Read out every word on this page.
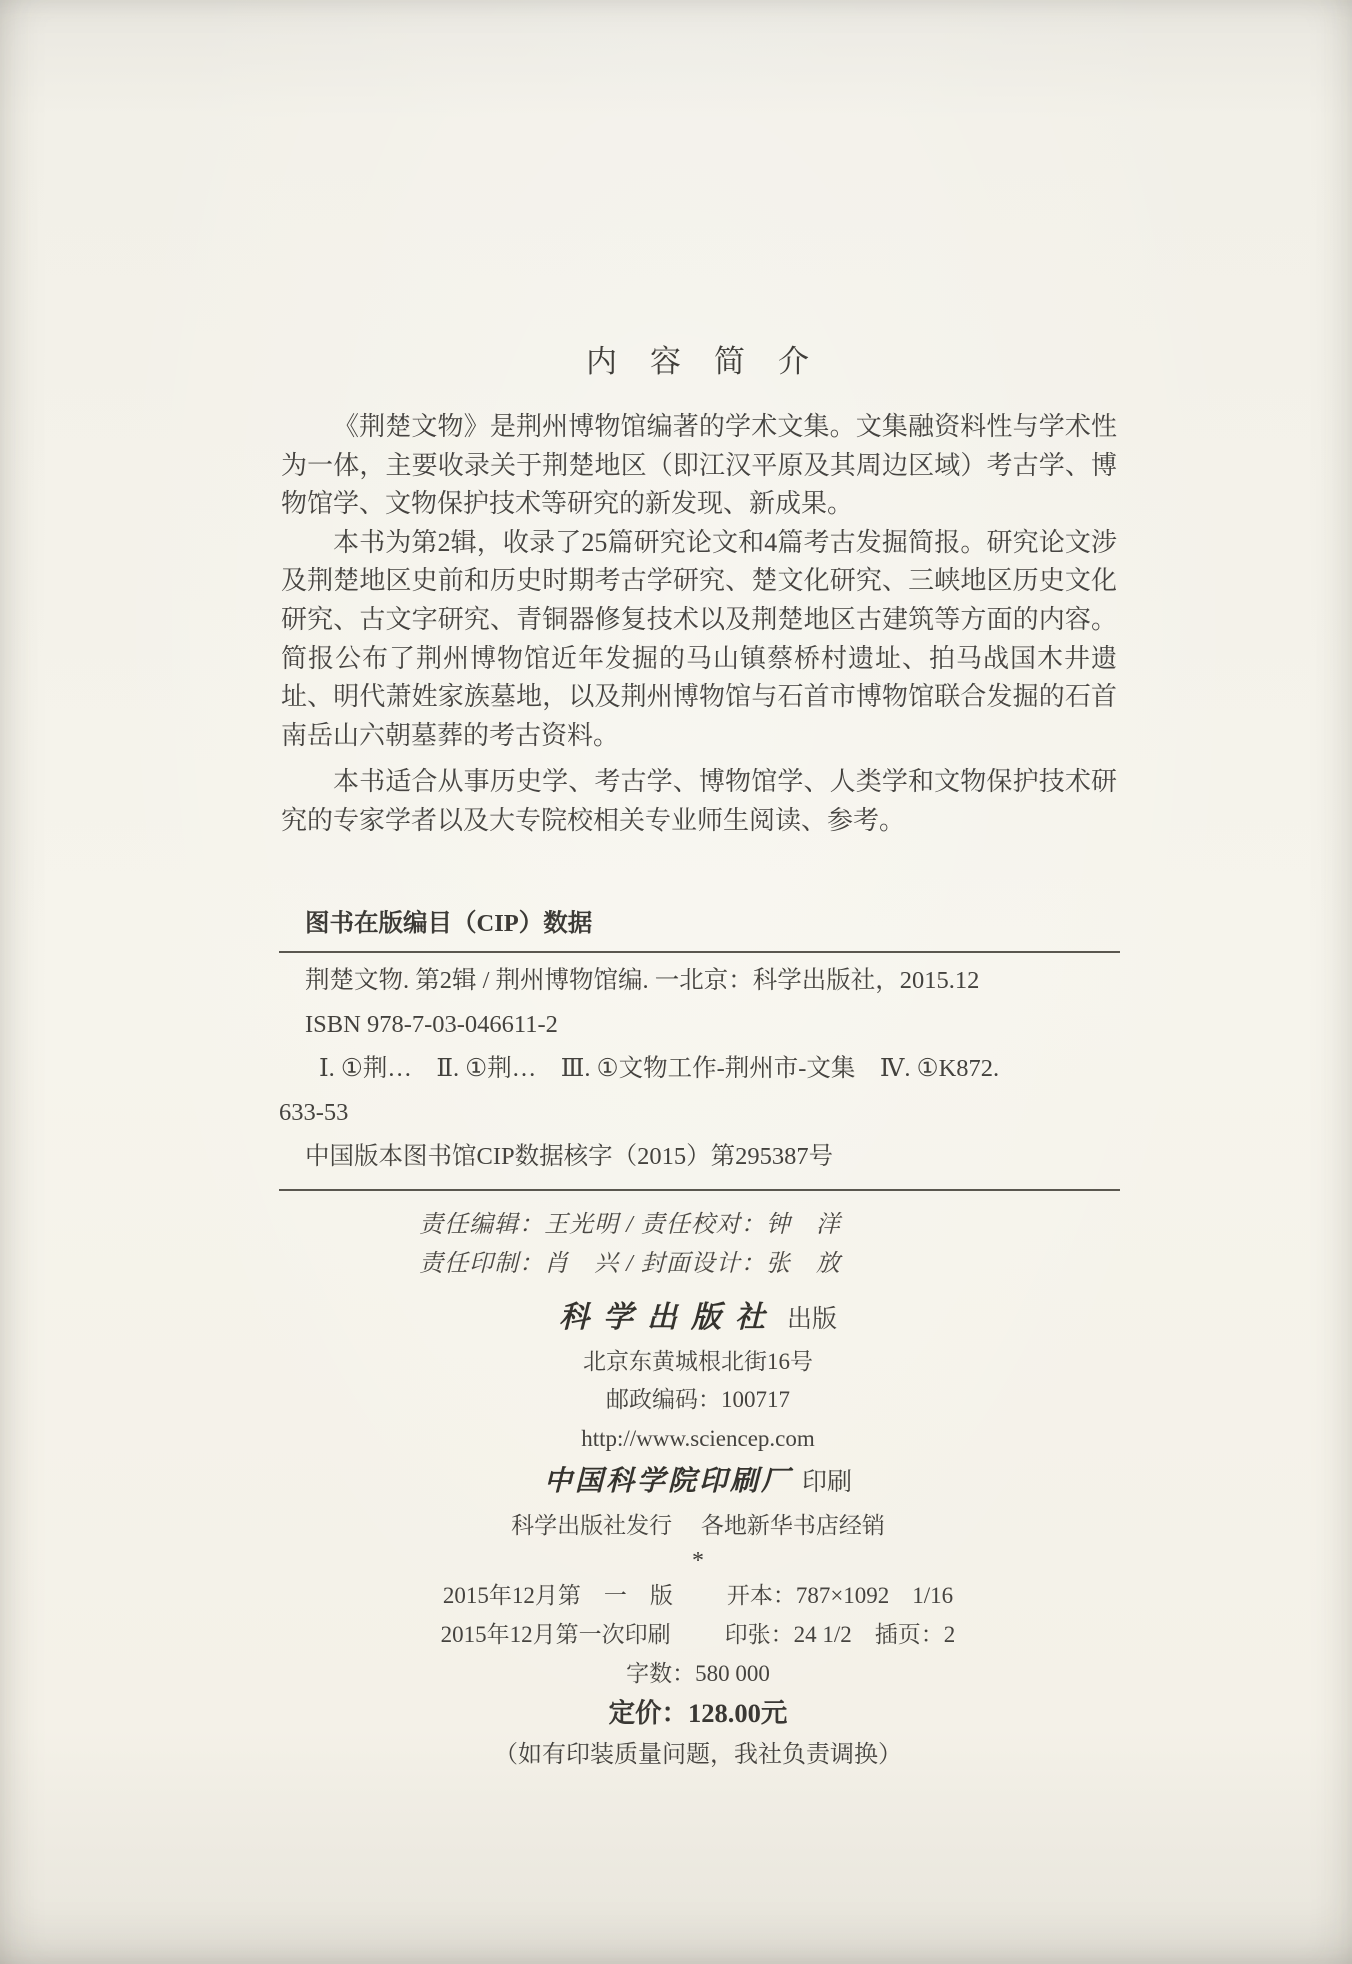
内　容　简　介

《荆楚文物》是荆州博物馆编著的学术文集。文集融资料性与学术性为一体，主要收录关于荆楚地区（即江汉平原及其周边区域）考古学、博物馆学、文物保护技术等研究的新发现、新成果。

本书为第2辑，收录了25篇研究论文和4篇考古发掘简报。研究论文涉及荆楚地区史前和历史时期考古学研究、楚文化研究、三峡地区历史文化研究、古文字研究、青铜器修复技术以及荆楚地区古建筑等方面的内容。简报公布了荆州博物馆近年发掘的马山镇蔡桥村遗址、拍马战国木井遗址、明代萧姓家族墓地，以及荆州博物馆与石首市博物馆联合发掘的石首南岳山六朝墓葬的考古资料。

本书适合从事历史学、考古学、博物馆学、人类学和文物保护技术研究的专家学者以及大专院校相关专业师生阅读、参考。

图书在版编目（CIP）数据
荆楚文物. 第2辑 / 荆州博物馆编. 一北京：科学出版社，2015.12
ISBN 978-7-03-046611-2
Ⅰ. ①荆…　Ⅱ. ①荆…　Ⅲ. ①文物工作-荆州市-文集　Ⅳ. ①K872.
633-53
中国版本图书馆CIP数据核字（2015）第295387号
责任编辑：王光明 / 责任校对：钟　洋
责任印制：肖　兴 / 封面设计：张　放
科学出版社 出版
北京东黄城根北街16号
邮政编码：100717
http://www.sciencep.com
中国科学院印刷厂 印刷
科学出版社发行　 各地新华书店经销
*
2015年12月第　一　版 开本：787×1092　1/16
2015年12月第一次印刷 印张：24 1/2　插页：2
字数：580 000
定价：128.00元
（如有印装质量问题，我社负责调换）
